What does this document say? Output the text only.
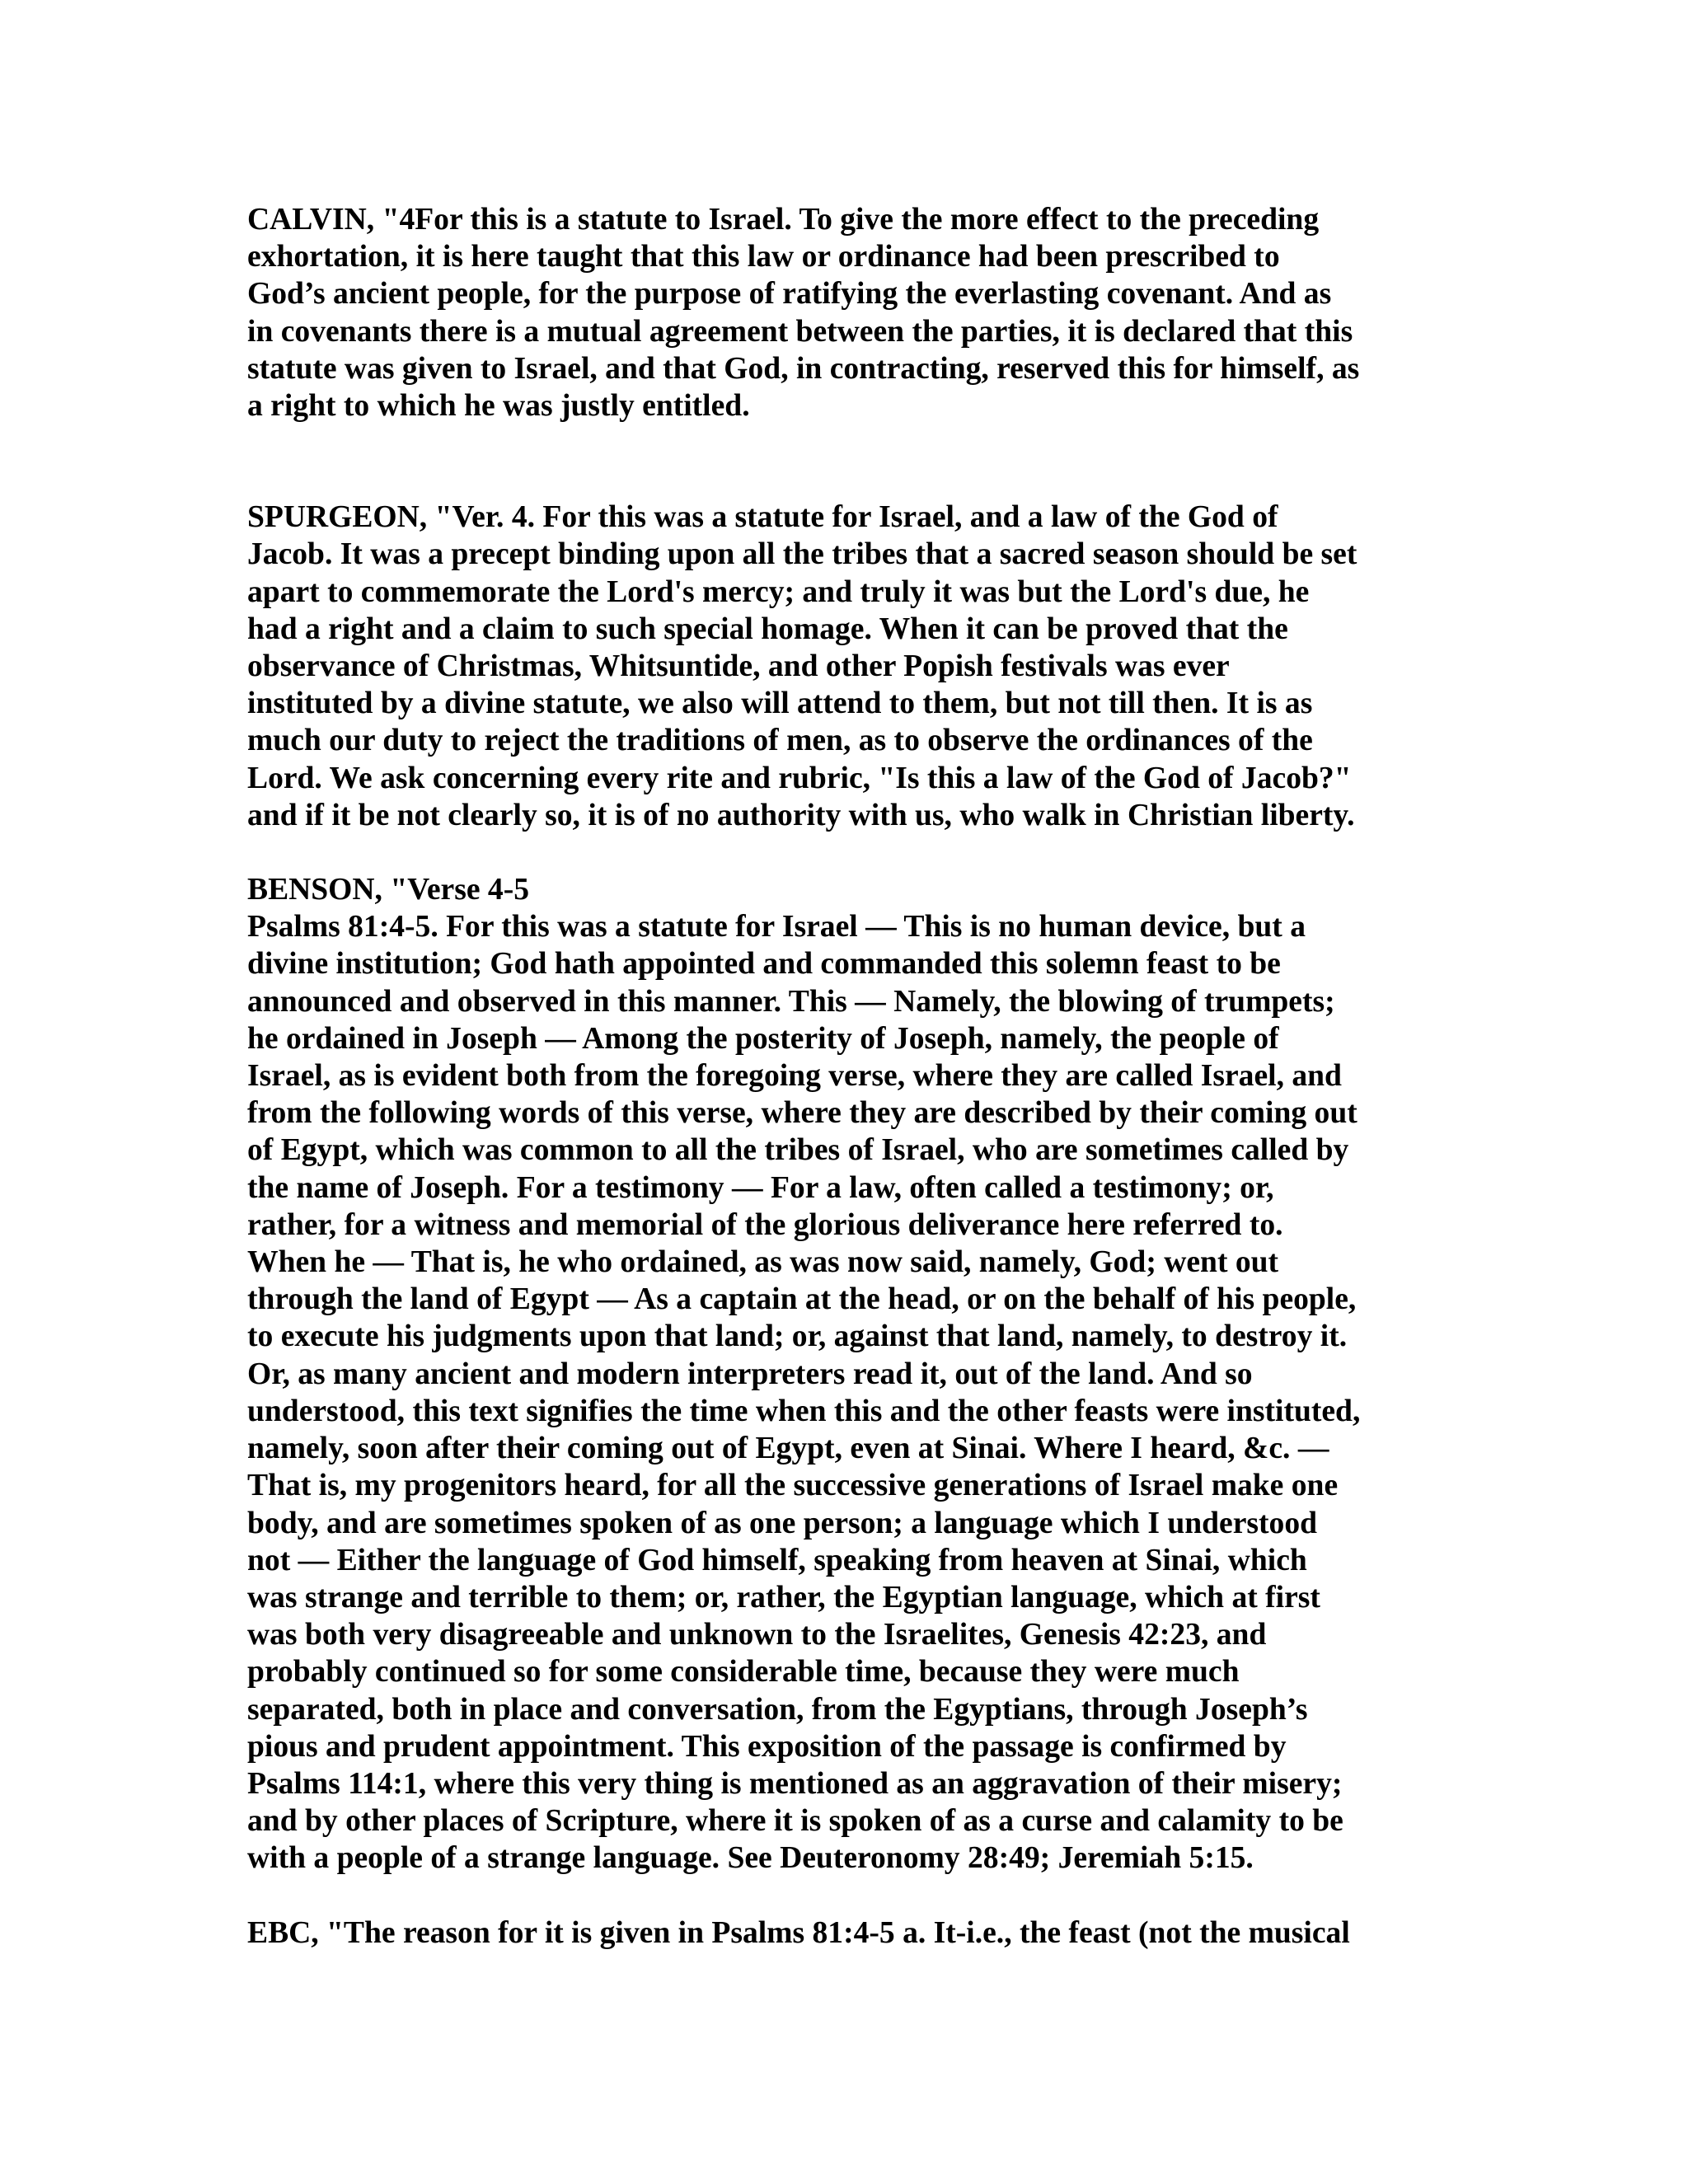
CALVIN, "4For this is a statute to Israel. To give the more effect to the preceding
exhortation, it is here taught that this law or ordinance had been prescribed to
God’s ancient people, for the purpose of ratifying the everlasting covenant. And as
in covenants there is a mutual agreement between the parties, it is declared that this
statute was given to Israel, and that God, in contracting, reserved this for himself, as
a right to which he was justly entitled.
SPURGEON, "Ver. 4. For this was a statute for Israel, and a law of the God of
Jacob. It was a precept binding upon all the tribes that a sacred season should be set
apart to commemorate the Lord's mercy; and truly it was but the Lord's due, he
had a right and a claim to such special homage. When it can be proved that the
observance of Christmas, Whitsuntide, and other Popish festivals was ever
instituted by a divine statute, we also will attend to them, but not till then. It is as
much our duty to reject the traditions of men, as to observe the ordinances of the
Lord. We ask concerning every rite and rubric, "Is this a law of the God of Jacob?"
and if it be not clearly so, it is of no authority with us, who walk in Christian liberty.
BENSON, "Verse 4-5
Psalms 81:4-5. For this was a statute for Israel — This is no human device, but a
divine institution; God hath appointed and commanded this solemn feast to be
announced and observed in this manner. This — Namely, the blowing of trumpets;
he ordained in Joseph — Among the posterity of Joseph, namely, the people of
Israel, as is evident both from the foregoing verse, where they are called Israel, and
from the following words of this verse, where they are described by their coming out
of Egypt, which was common to all the tribes of Israel, who are sometimes called by
the name of Joseph. For a testimony — For a law, often called a testimony; or,
rather, for a witness and memorial of the glorious deliverance here referred to.
When he — That is, he who ordained, as was now said, namely, God; went out
through the land of Egypt — As a captain at the head, or on the behalf of his people,
to execute his judgments upon that land; or, against that land, namely, to destroy it.
Or, as many ancient and modern interpreters read it, out of the land. And so
understood, this text signifies the time when this and the other feasts were instituted,
namely, soon after their coming out of Egypt, even at Sinai. Where I heard, &c. —
That is, my progenitors heard, for all the successive generations of Israel make one
body, and are sometimes spoken of as one person; a language which I understood
not — Either the language of God himself, speaking from heaven at Sinai, which
was strange and terrible to them; or, rather, the Egyptian language, which at first
was both very disagreeable and unknown to the Israelites, Genesis 42:23, and
probably continued so for some considerable time, because they were much
separated, both in place and conversation, from the Egyptians, through Joseph’s
pious and prudent appointment. This exposition of the passage is confirmed by
Psalms 114:1, where this very thing is mentioned as an aggravation of their misery;
and by other places of Scripture, where it is spoken of as a curse and calamity to be
with a people of a strange language. See Deuteronomy 28:49; Jeremiah 5:15.
EBC, "The reason for it is given in Psalms 81:4-5 a. It-i.e., the feast (not the musical
